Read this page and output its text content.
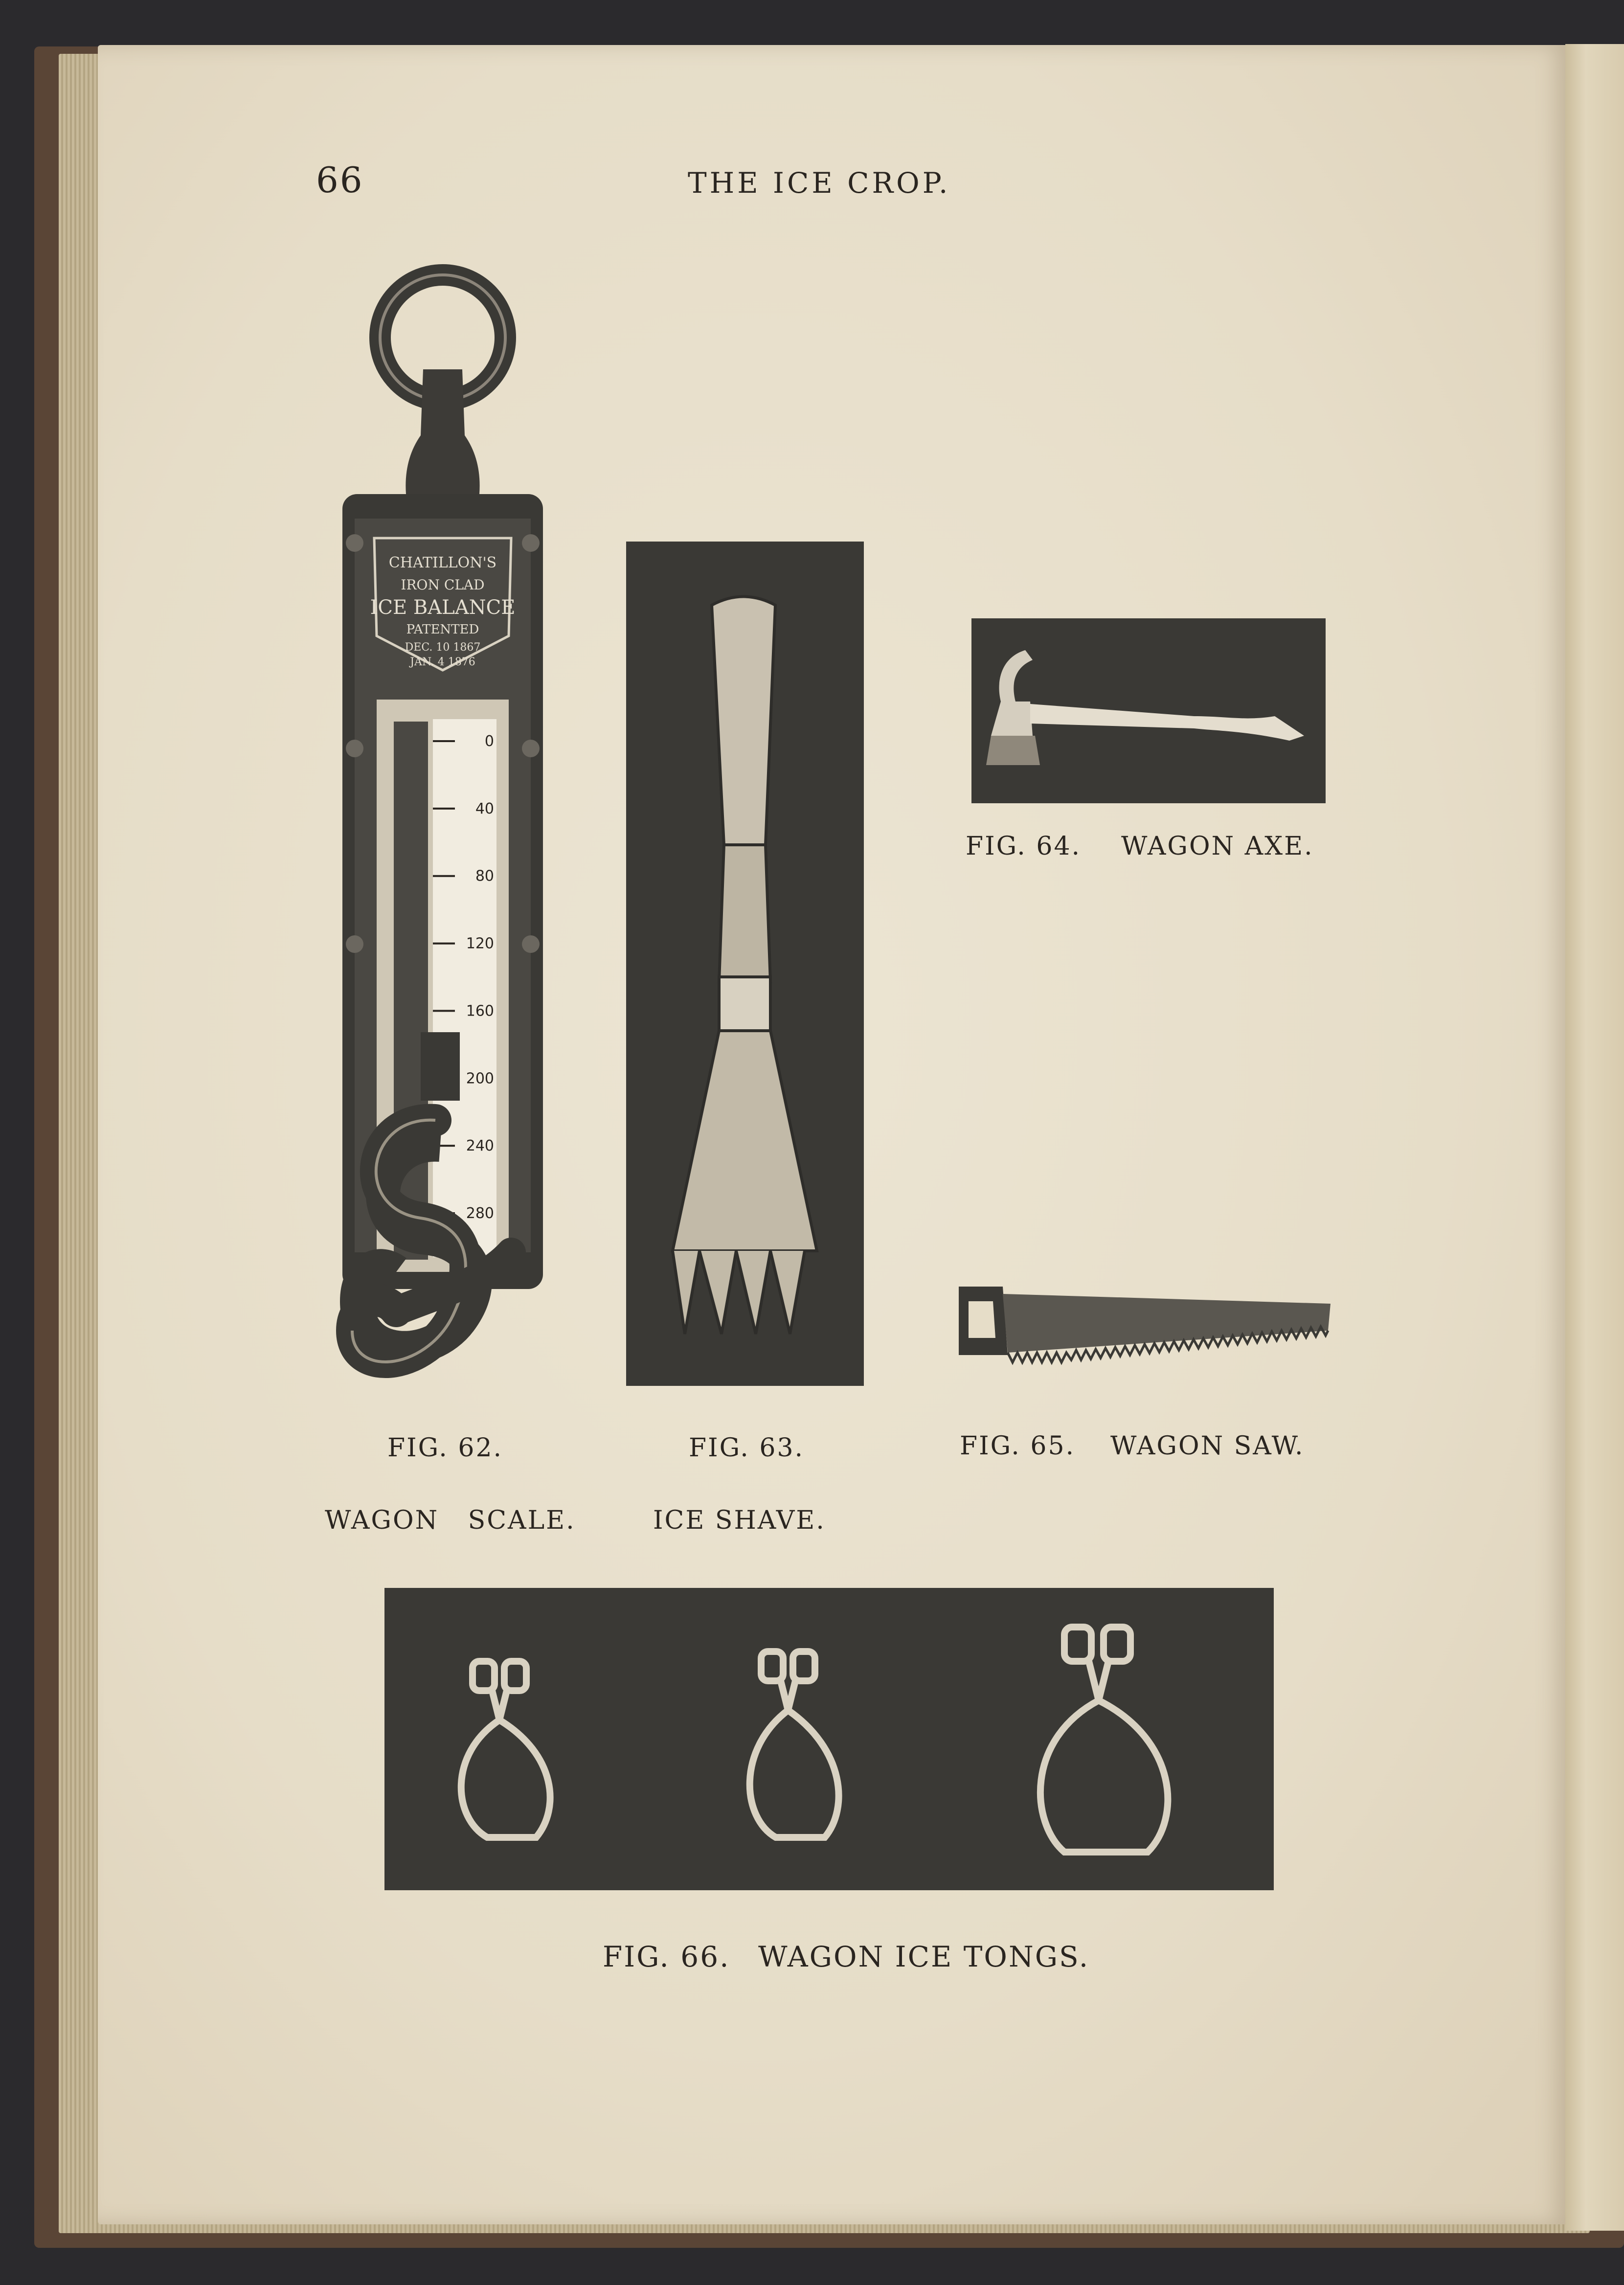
66	THE ICE CROP.
CHATILLON'S
IRON CLAD
ICE BALANCE
PATENTED
DEC. 10 1867
JAN. 4 1876
0
40
80
120
160
200
240
280
FIG. 62.
WAGON SCALE.
FIG. 63.
ICE SHAVE.
FIG. 64. WAGON AXE.
FIG. 65. WAGON SAW.
FIG. 66. WAGON ICE TONGS.
